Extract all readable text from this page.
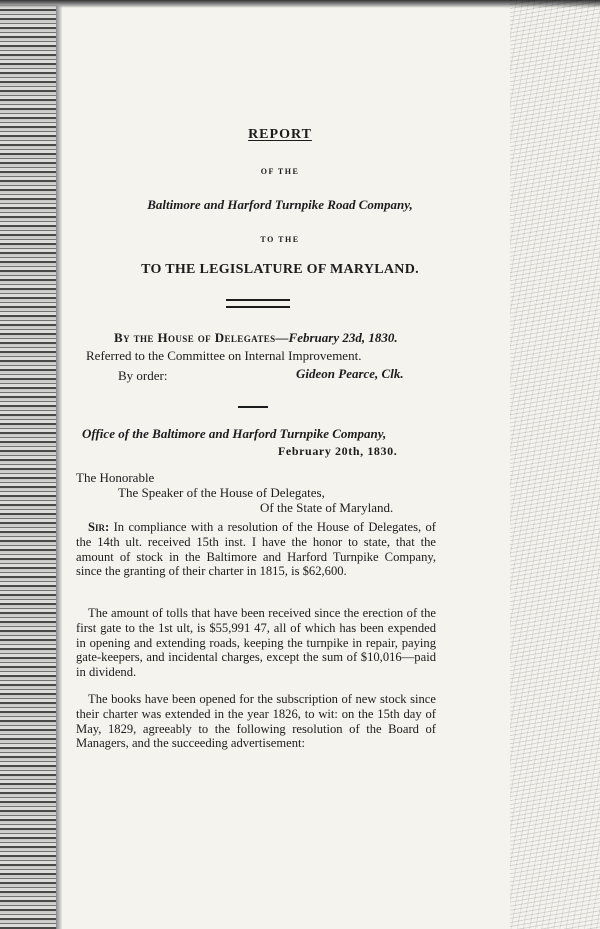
REPORT
OF THE
Baltimore and Harford Turnpike Road Company,
TO THE
TO THE LEGISLATURE OF MARYLAND.
By the House of Delegates—February 23d, 1830.
Referred to the Committee on Internal Improvement.
By order:	Gideon Pearce, Clk.
Office of the Baltimore and Harford Turnpike Company,
February 20th, 1830.
The Honorable
The Speaker of the House of Delegates,
Of the State of Maryland.
Sir: In compliance with a resolution of the House of Delegates, of the 14th ult. received 15th inst. I have the honor to state, that the amount of stock in the Baltimore and Harford Turnpike Company, since the granting of their charter in 1815, is $62,600.
The amount of tolls that have been received since the erection of the first gate to the 1st ult, is $55,991 47, all of which has been expended in opening and extending roads, keeping the turnpike in repair, paying gate-keepers, and incidental charges, except the sum of $10,016—paid in dividend.
The books have been opened for the subscription of new stock since their charter was extended in the year 1826, to wit: on the 15th day of May, 1829, agreeably to the following resolution of the Board of Managers, and the succeeding advertisement:
